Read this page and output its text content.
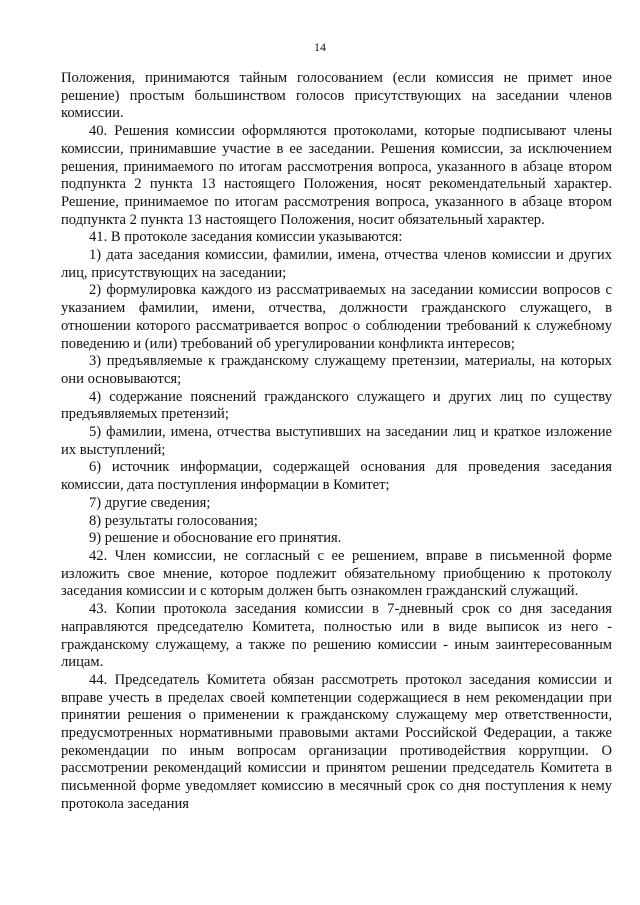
14

Положения, принимаются тайным голосованием (если комиссия не примет иное решение) простым большинством голосов присутствующих на заседании членов комиссии.

40. Решения комиссии оформляются протоколами, которые подписывают члены комиссии, принимавшие участие в ее заседании. Решения комиссии, за исключением решения, принимаемого по итогам рассмотрения вопроса, указанного в абзаце втором подпункта 2 пункта 13 настоящего Положения, носят рекомендательный характер. Решение, принимаемое по итогам рассмотрения вопроса, указанного в абзаце втором подпункта 2 пункта 13 настоящего Положения, носит обязательный характер.

41. В протоколе заседания комиссии указываются:

1) дата заседания комиссии, фамилии, имена, отчества членов комиссии и других лиц, присутствующих на заседании;

2) формулировка каждого из рассматриваемых на заседании комиссии вопросов с указанием фамилии, имени, отчества, должности гражданского служащего, в отношении которого рассматривается вопрос о соблюдении требований к служебному поведению и (или) требований об урегулировании конфликта интересов;

3) предъявляемые к гражданскому служащему претензии, материалы, на которых они основываются;

4) содержание пояснений гражданского служащего и других лиц по существу предъявляемых претензий;

5) фамилии, имена, отчества выступивших на заседании лиц и краткое изложение их выступлений;

6) источник информации, содержащей основания для проведения заседания комиссии, дата поступления информации в Комитет;

7) другие сведения;

8) результаты голосования;

9) решение и обоснование его принятия.

42. Член комиссии, не согласный с ее решением, вправе в письменной форме изложить свое мнение, которое подлежит обязательному приобщению к протоколу заседания комиссии и с которым должен быть ознакомлен гражданский служащий.

43. Копии протокола заседания комиссии в 7-дневный срок со дня заседания направляются председателю Комитета, полностью или в виде выписок из него - гражданскому служащему, а также по решению комиссии - иным заинтересованным лицам.

44. Председатель Комитета обязан рассмотреть протокол заседания комиссии и вправе учесть в пределах своей компетенции содержащиеся в нем рекомендации при принятии решения о применении к гражданскому служащему мер ответственности, предусмотренных нормативными правовыми актами Российской Федерации, а также рекомендации по иным вопросам организации противодействия коррупции. О рассмотрении рекомендаций комиссии и принятом решении председатель Комитета в письменной форме уведомляет комиссию в месячный срок со дня поступления к нему протокола заседания
